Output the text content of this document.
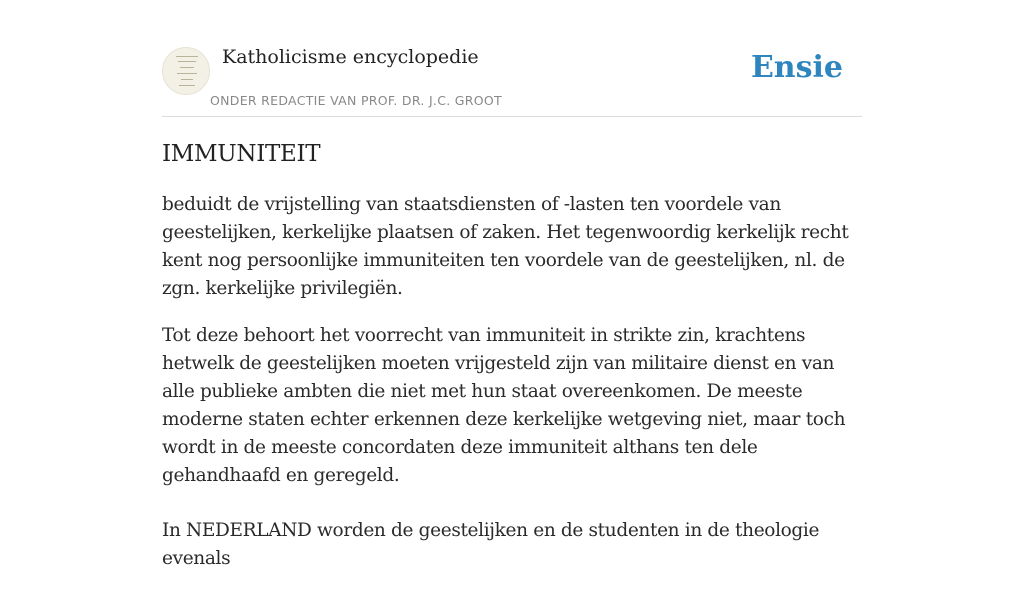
Katholicisme encyclopedie
ONDER REDACTIE VAN PROF. DR. J.C. GROOT
Ensie
IMMUNITEIT

beduidt de vrijstelling van staatsdiensten of -lasten ten voordele van geestelijken, kerkelijke plaatsen of zaken. Het tegenwoordig kerkelijk recht kent nog persoonlijke immuniteiten ten voordele van de geestelijken, nl. de zgn. kerkelijke privilegiën.

Tot deze behoort het voorrecht van immuniteit in strikte zin, krachtens hetwelk de geestelijken moeten vrijgesteld zijn van militaire dienst en van alle publieke ambten die niet met hun staat overeenkomen. De meeste moderne staten echter erkennen deze kerkelijke wetgeving niet, maar toch wordt in de meeste concordaten deze immuniteit althans ten dele gehandhaafd en geregeld.

In NEDERLAND worden de geestelijken en de studenten in de theologie evenals
